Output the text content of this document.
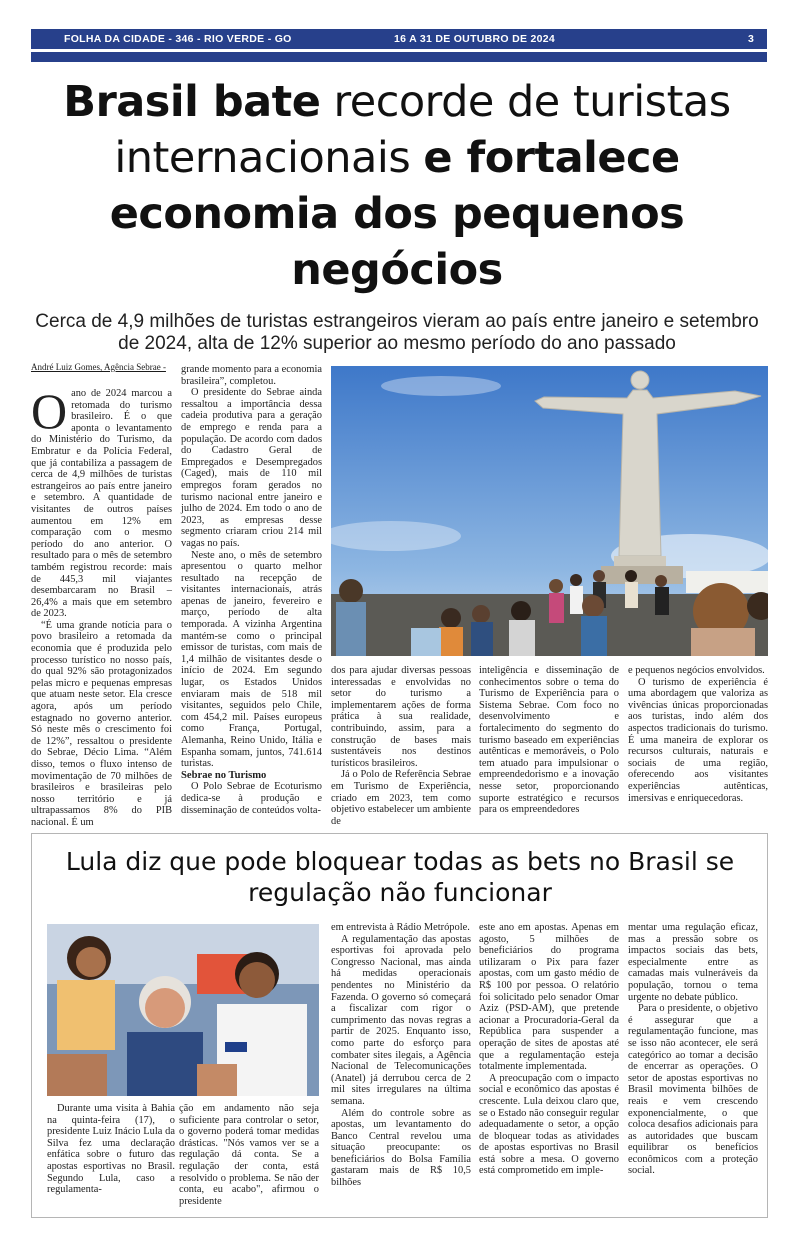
FOLHA DA CIDADE - 346 - RIO VERDE - GO	16 A 31 DE OUTUBRO DE 2024	3
Brasil bate recorde de turistas internacionais e fortalece economia dos pequenos negócios
Cerca de 4,9 milhões de turistas estrangeiros vieram ao país entre janeiro e setembro de 2024, alta de 12% superior ao mesmo período do ano passado
André Luiz Gomes, Agência Sebrae -
O ano de 2024 marcou a retomada do turismo brasileiro. É o que aponta o levantamento do Ministério do Turismo, da Embratur e da Polícia Federal, que já contabiliza a passagem de cerca de 4,9 milhões de turistas estrangeiros ao país entre janeiro e setembro. A quantidade de visitantes de outros países aumentou em 12% em comparação com o mesmo período do ano anterior. O resultado para o mês de setembro também registrou recorde: mais de 445,3 mil viajantes desembarcaram no Brasil – 26,4% a mais que em setembro de 2023.

“É uma grande notícia para o povo brasileiro a retomada da economia que é produzida pelo processo turístico no nosso país, do qual 92% são protagonizados pelas micro e pequenas empresas que atuam neste setor. Ela cresce agora, após um período estagnado no governo anterior. Só neste mês o crescimento foi de 12%”, ressaltou o presidente do Sebrae, Décio Lima. “Além disso, temos o fluxo intenso de movimentação de 70 milhões de brasileiros e brasileiras pelo nosso território e já ultrapassamos 8% do PIB nacional. É um

grande momento para a economia brasileira”, completou.

O presidente do Sebrae ainda ressaltou a importância dessa cadeia produtiva para a geração de emprego e renda para a população. De acordo com dados do Cadastro Geral de Empregados e Desempregados (Caged), mais de 110 mil empregos foram gerados no turismo nacional entre janeiro e julho de 2024. Em todo o ano de 2023, as empresas desse segmento criaram criou 214 mil vagas no país.

Neste ano, o mês de setembro apresentou o quarto melhor resultado na recepção de visitantes internacionais, atrás apenas de janeiro, fevereiro e março, período de alta temporada. A vizinha Argentina mantém-se como o principal emissor de turistas, com mais de 1,4 milhão de visitantes desde o início de 2024. Em segundo lugar, os Estados Unidos enviaram mais de 518 mil visitantes, seguidos pelo Chile, com 454,2 mil. Países europeus como França, Portugal, Alemanha, Reino Unido, Itália e Espanha somam, juntos, 741.614 turistas.

Sebrae no Turismo

O Polo Sebrae de Ecoturismo dedica-se à produção e disseminação de conteúdos volta-

dos para ajudar diversas pessoas interessadas e envolvidas no setor do turismo a implementarem ações de forma prática à sua realidade, contribuindo, assim, para a construção de bases mais sustentáveis nos destinos turísticos brasileiros.

Já o Polo de Referência Sebrae em Turismo de Experiência, criado em 2023, tem como objetivo estabelecer um ambiente de

inteligência e disseminação de conhecimentos sobre o tema do Turismo de Experiência para o Sistema Sebrae. Com foco no desenvolvimento e fortalecimento do segmento do turismo baseado em experiências autênticas e memoráveis, o Polo tem atuado para impulsionar o empreendedorismo e a inovação nesse setor, proporcionando suporte estratégico e recursos para os empreendedores

e pequenos negócios envolvidos.

O turismo de experiência é uma abordagem que valoriza as vivências únicas proporcionadas aos turistas, indo além dos aspectos tradicionais do turismo. É uma maneira de explorar os recursos culturais, naturais e sociais de uma região, oferecendo aos visitantes experiências autênticas, imersivas e enriquecedoras.

Lula diz que pode bloquear todas as bets no Brasil se regulação não funcionar

Durante uma visita à Bahia na quinta-feira (17), o presidente Luiz Inácio Lula da Silva fez uma declaração enfática sobre o futuro das apostas esportivas no Brasil. Segundo Lula, caso a regulamenta-

ção em andamento não seja suficiente para controlar o setor, o governo poderá tomar medidas drásticas. "Nós vamos ver se a regulação dá conta. Se a regulação der conta, está resolvido o problema. Se não der conta, eu acabo", afirmou o presidente

em entrevista à Rádio Metrópole.

A regulamentação das apostas esportivas foi aprovada pelo Congresso Nacional, mas ainda há medidas operacionais pendentes no Ministério da Fazenda. O governo só começará a fiscalizar com rigor o cumprimento das novas regras a partir de 2025. Enquanto isso, como parte do esforço para combater sites ilegais, a Agência Nacional de Telecomunicações (Anatel) já derrubou cerca de 2 mil sites irregulares na última semana.

Além do controle sobre as apostas, um levantamento do Banco Central revelou uma situação preocupante: os beneficiários do Bolsa Família gastaram mais de R$ 10,5 bilhões

este ano em apostas. Apenas em agosto, 5 milhões de beneficiários do programa utilizaram o Pix para fazer apostas, com um gasto médio de R$ 100 por pessoa. O relatório foi solicitado pelo senador Omar Aziz (PSD-AM), que pretende acionar a Procuradoria-Geral da República para suspender a operação de sites de apostas até que a regulamentação esteja totalmente implementada.

A preocupação com o impacto social e econômico das apostas é crescente. Lula deixou claro que, se o Estado não conseguir regular adequadamente o setor, a opção de bloquear todas as atividades de apostas esportivas no Brasil está sobre a mesa. O governo está comprometido em imple-

mentar uma regulação eficaz, mas a pressão sobre os impactos sociais das bets, especialmente entre as camadas mais vulneráveis da população, tornou o tema urgente no debate público.

Para o presidente, o objetivo é assegurar que a regulamentação funcione, mas se isso não acontecer, ele será categórico ao tomar a decisão de encerrar as operações. O setor de apostas esportivas no Brasil movimenta bilhões de reais e vem crescendo exponencialmente, o que coloca desafios adicionais para as autoridades que buscam equilibrar os benefícios econômicos com a proteção social.
